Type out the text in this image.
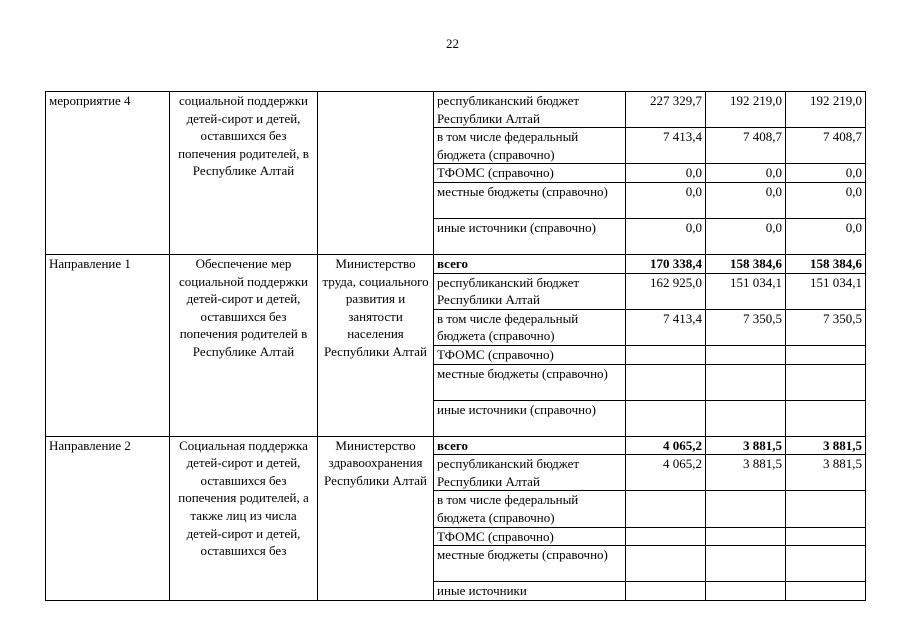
22
мероприятие 4	социальной поддержки детей-сирот и детей, оставшихся без попечения родителей, в Республике Алтай		республиканский бюджет Республики Алтай	227 329,7	192 219,0	192 219,0
			в том числе федеральный бюджета (справочно)	7 413,4	7 408,7	7 408,7
			ТФОМС (справочно)	0,0	0,0	0,0
			местные бюджеты (справочно)	0,0	0,0	0,0
			иные источники (справочно)	0,0	0,0	0,0
Направление 1	Обеспечение мер социальной поддержки детей-сирот и детей, оставшихся без попечения родителей в Республике Алтай	Министерство труда, социального развития и занятости населения Республики Алтай	всего	170 338,4	158 384,6	158 384,6
			республиканский бюджет Республики Алтай	162 925,0	151 034,1	151 034,1
			в том числе федеральный бюджета (справочно)	7 413,4	7 350,5	7 350,5
			ТФОМС (справочно)			
			местные бюджеты (справочно)			
			иные источники (справочно)			
Направление 2	Социальная поддержка детей-сирот и детей, оставшихся без попечения родителей, а также лиц из числа детей-сирот и детей, оставшихся без	Министерство здравоохранения Республики Алтай	всего	4 065,2	3 881,5	3 881,5
			республиканский бюджет Республики Алтай	4 065,2	3 881,5	3 881,5
			в том числе федеральный бюджета (справочно)			
			ТФОМС (справочно)			
			местные бюджеты (справочно)			
			иные источники			
